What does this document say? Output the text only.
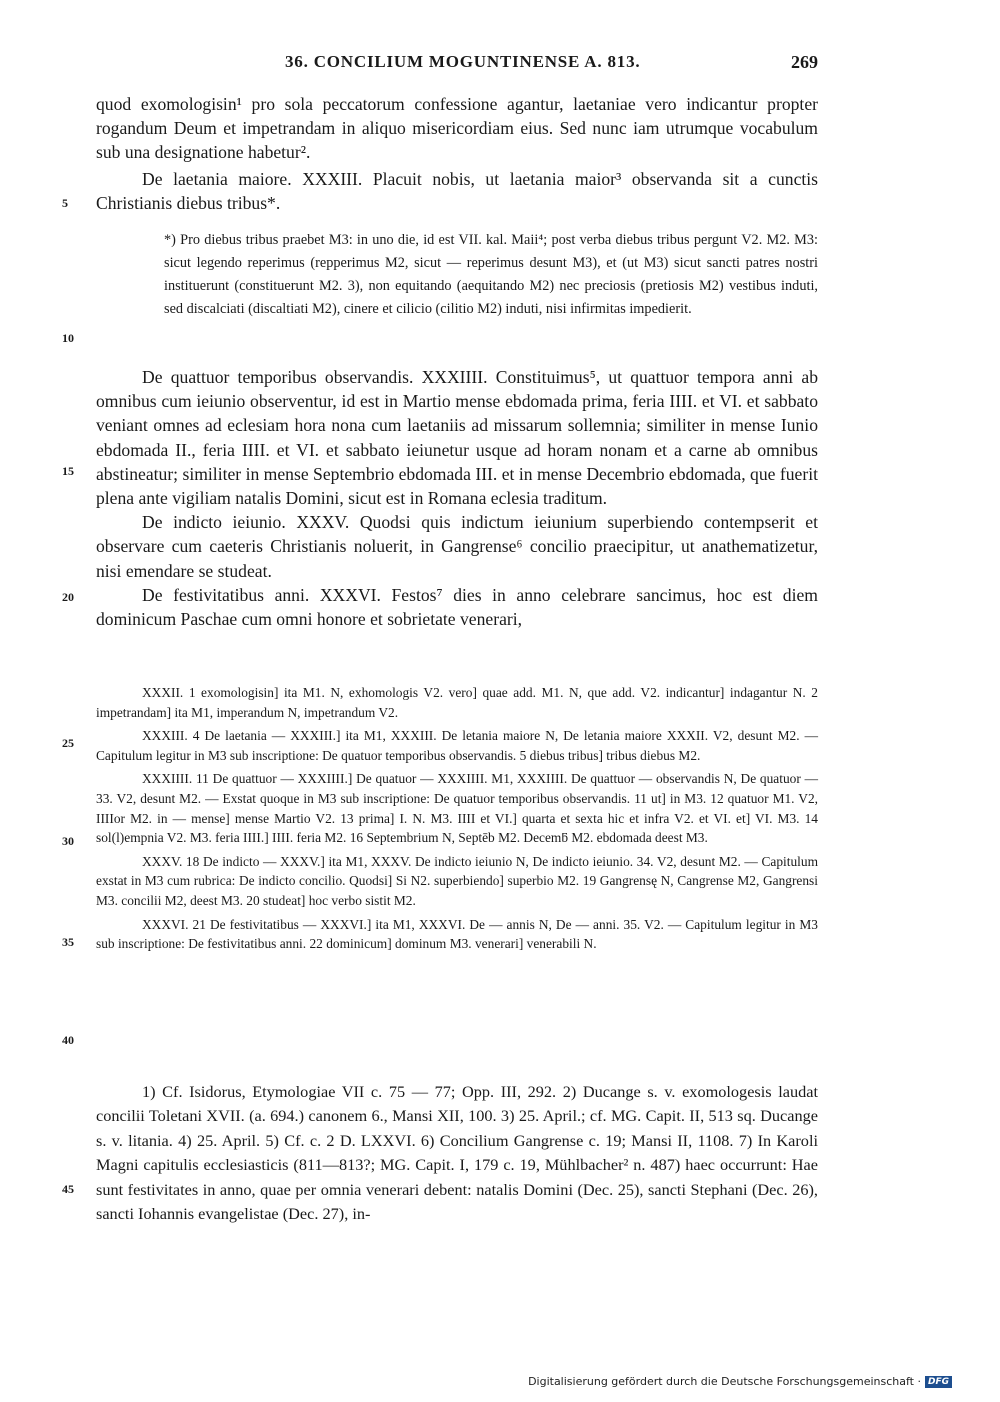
36. CONCILIUM MOGUNTINENSE A. 813.	269

quod exomologisin¹ pro sola peccatorum confessione agantur, laetaniae vero indicantur propter rogandum Deum et impetrandam in aliquo misericordiam eius. Sed nunc iam utrumque vocabulum sub una designatione habetur².

De laetania maiore. XXXIII. Placuit nobis, ut laetania maior³ observanda sit a cunctis Christianis diebus tribus*.

*) Pro diebus tribus praebet M3: in uno die, id est VII. kal. Maii⁴; post verba diebus tribus pergunt V2. M2. M3: sicut legendo reperimus (repperimus M2, sicut — reperimus desunt M3), et (ut M3) sicut sancti patres nostri instituerunt (constituerunt M2. 3), non equitando (aequitando M2) nec preciosis (pretiosis M2) vestibus induti, sed discalciati (discaltiati M2), cinere et cilicio (cilitio M2) induti, nisi infirmitas impedierit.

De quattuor temporibus observandis. XXXIIII. Constituimus⁵, ut quattuor tempora anni ab omnibus cum ieiunio observentur, id est in Martio mense ebdomada prima, feria IIII. et VI. et sabbato veniant omnes ad eclesiam hora nona cum laetaniis ad missarum sollemnia; similiter in mense Iunio ebdomada II., feria IIII. et VI. et sabbato ieiunetur usque ad horam nonam et a carne ab omnibus abstineatur; similiter in mense Septembrio ebdomada III. et in mense Decembrio ebdomada, que fuerit plena ante vigiliam natalis Domini, sicut est in Romana eclesia traditum.

De indicto ieiunio. XXXV. Quodsi quis indictum ieiunium superbiendo contempserit et observare cum caeteris Christianis noluerit, in Gangrense⁶ concilio praecipitur, ut anathematizetur, nisi emendare se studeat.

De festivitatibus anni. XXXVI. Festos⁷ dies in anno celebrare sancimus, hoc est diem dominicum Paschae cum omni honore et sobrietate venerari,

XXXII. 1 exomologisin] ita M1. N, exhomologis V2. vero] quae add. M1. N, que add. V2. indicantur] indagantur N. 2 impetrandam] ita M1, imperandum N, impetrandum V2.

XXXIII. 4 De laetania — XXXIII.] ita M1, XXXIII. De letania maiore N, De letania maiore XXXII. V2, desunt M2. — Capitulum legitur in M3 sub inscriptione: De quatuor temporibus observandis. 5 diebus tribus] tribus diebus M2.

XXXIIII. 11 De quattuor — XXXIIII.] De quatuor — XXXIIII. M1, XXXIIII. De quattuor — observandis N, De quatuor — 33. V2, desunt M2. — Exstat quoque in M3 sub inscriptione: De quatuor temporibus observandis. 11 ut] in M3. 12 quatuor M1. V2, IIIIor M2. in — mense] mense Martio V2. 13 prima] I. N. M3. IIII et VI.] quarta et sexta hic et infra V2. et VI. et] VI. M3. 14 sol(l)empnia V2. M3. feria IIII.] IIII. feria M2. 16 Septembrium N, Septēb M2. Decemƃ M2. ebdomada deest M3.

XXXV. 18 De indicto — XXXV.] ita M1, XXXV. De indicto ieiunio N, De indicto ieiunio. 34. V2, desunt M2. — Capitulum exstat in M3 cum rubrica: De indicto concilio. Quodsi] Si N2. superbiendo] superbio M2. 19 Gangrensę N, Cangrense M2, Gangrensi M3. concilii M2, deest M3. 20 studeat] hoc verbo sistit M2.

XXXVI. 21 De festivitatibus — XXXVI.] ita M1, XXXVI. De — annis N, De — anni. 35. V2. — Capitulum legitur in M3 sub inscriptione: De festivitatibus anni. 22 dominicum] dominum M3. venerari] venerabili N.

1) Cf. Isidorus, Etymologiae VII c. 75 — 77; Opp. III, 292. 2) Ducange s. v. exomologesis laudat concilii Toletani XVII. (a. 694.) canonem 6., Mansi XII, 100. 3) 25. April.; cf. MG. Capit. II, 513 sq. Ducange s. v. litania. 4) 25. April. 5) Cf. c. 2 D. LXXVI. 6) Concilium Gangrense c. 19; Mansi II, 1108. 7) In Karoli Magni capitulis ecclesiasticis (811—813?; MG. Capit. I, 179 c. 19, Mühlbacher² n. 487) haec occurrunt: Hae sunt festivitates in anno, quae per omnia venerari debent: natalis Domini (Dec. 25), sancti Stephani (Dec. 26), sancti Iohannis evangelistae (Dec. 27), in-

5
10
15
20
25
30
35
40
45
Digitalisierung gefördert durch die Deutsche Forschungsgemeinschaft · DFG
